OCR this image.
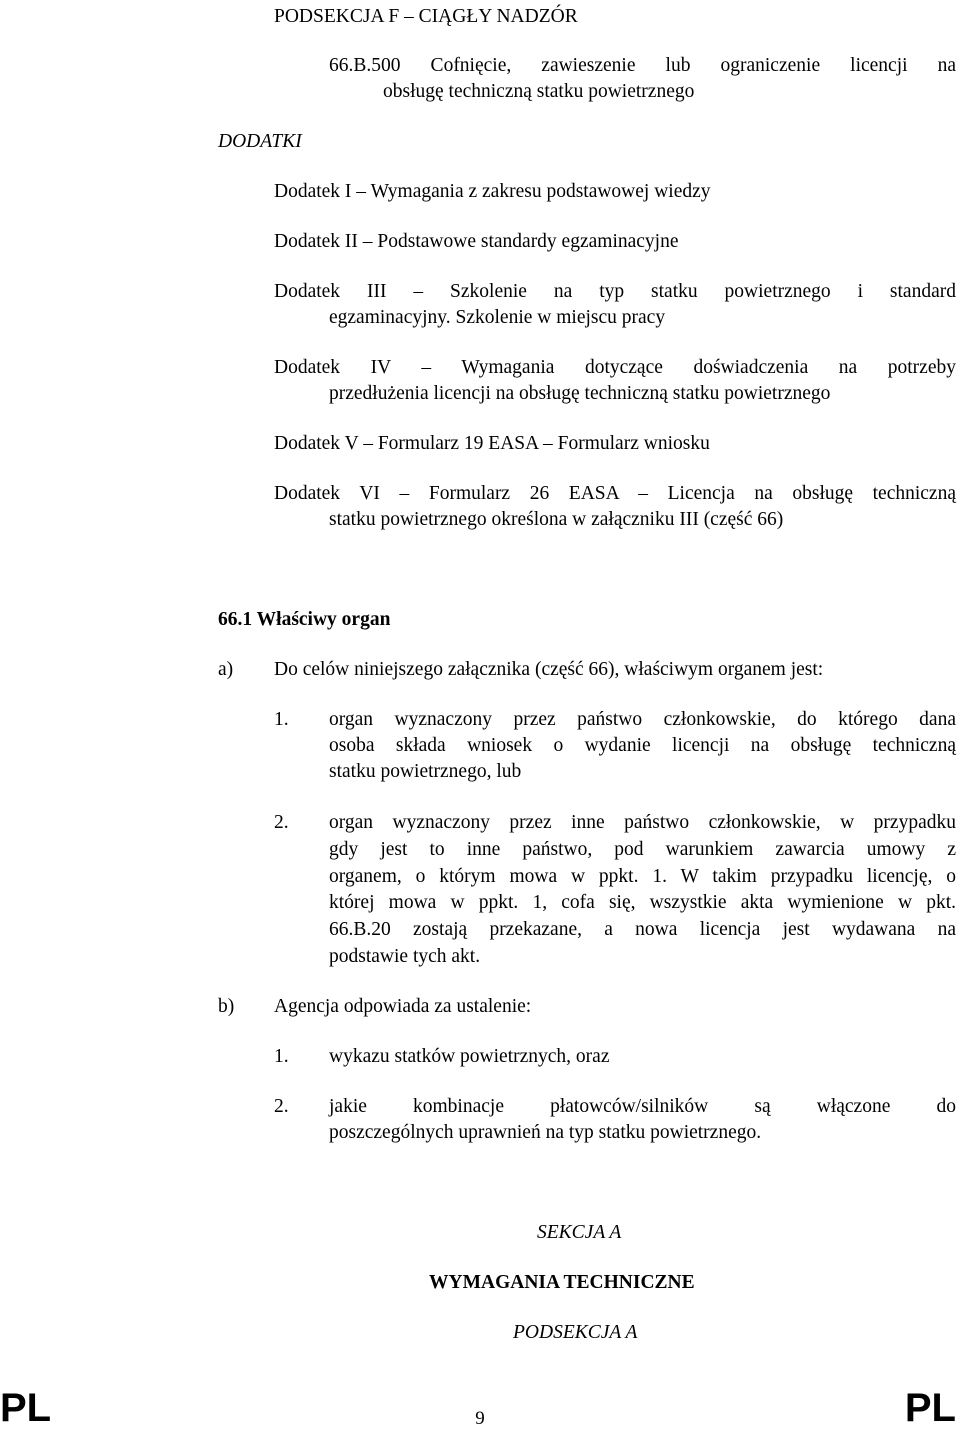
PODSEKCJA F – CIĄGŁY NADZÓR
66.B.500 Cofnięcie, zawieszenie lub ograniczenie licencji na
obsługę techniczną statku powietrznego
DODATKI
Dodatek I – Wymagania z zakresu podstawowej wiedzy
Dodatek II – Podstawowe standardy egzaminacyjne
Dodatek III – Szkolenie na typ statku powietrznego i standard
egzaminacyjny. Szkolenie w miejscu pracy
Dodatek IV – Wymagania dotyczące doświadczenia na potrzeby
przedłużenia licencji na obsługę techniczną statku powietrznego
Dodatek V – Formularz 19 EASA – Formularz wniosku
Dodatek VI – Formularz 26 EASA – Licencja na obsługę techniczną
statku powietrznego określona w załączniku III (część 66)
66.1 Właściwy organ
a) Do celów niniejszego załącznika (część 66), właściwym organem jest:
1. organ wyznaczony przez państwo członkowskie, do którego dana
osoba składa wniosek o wydanie licencji na obsługę techniczną
statku powietrznego, lub
2. organ wyznaczony przez inne państwo członkowskie, w przypadku
gdy jest to inne państwo, pod warunkiem zawarcia umowy z
organem, o którym mowa w ppkt. 1. W takim przypadku licencję, o
której mowa w ppkt. 1, cofa się, wszystkie akta wymienione w pkt.
66.B.20 zostają przekazane, a nowa licencja jest wydawana na
podstawie tych akt.
b) Agencja odpowiada za ustalenie:
1. wykazu statków powietrznych, oraz
2. jakie kombinacje płatowców/silników są włączone do
poszczególnych uprawnień na typ statku powietrznego.
SEKCJA A
WYMAGANIA TECHNICZNE
PODSEKCJA A
PL	9	PL
